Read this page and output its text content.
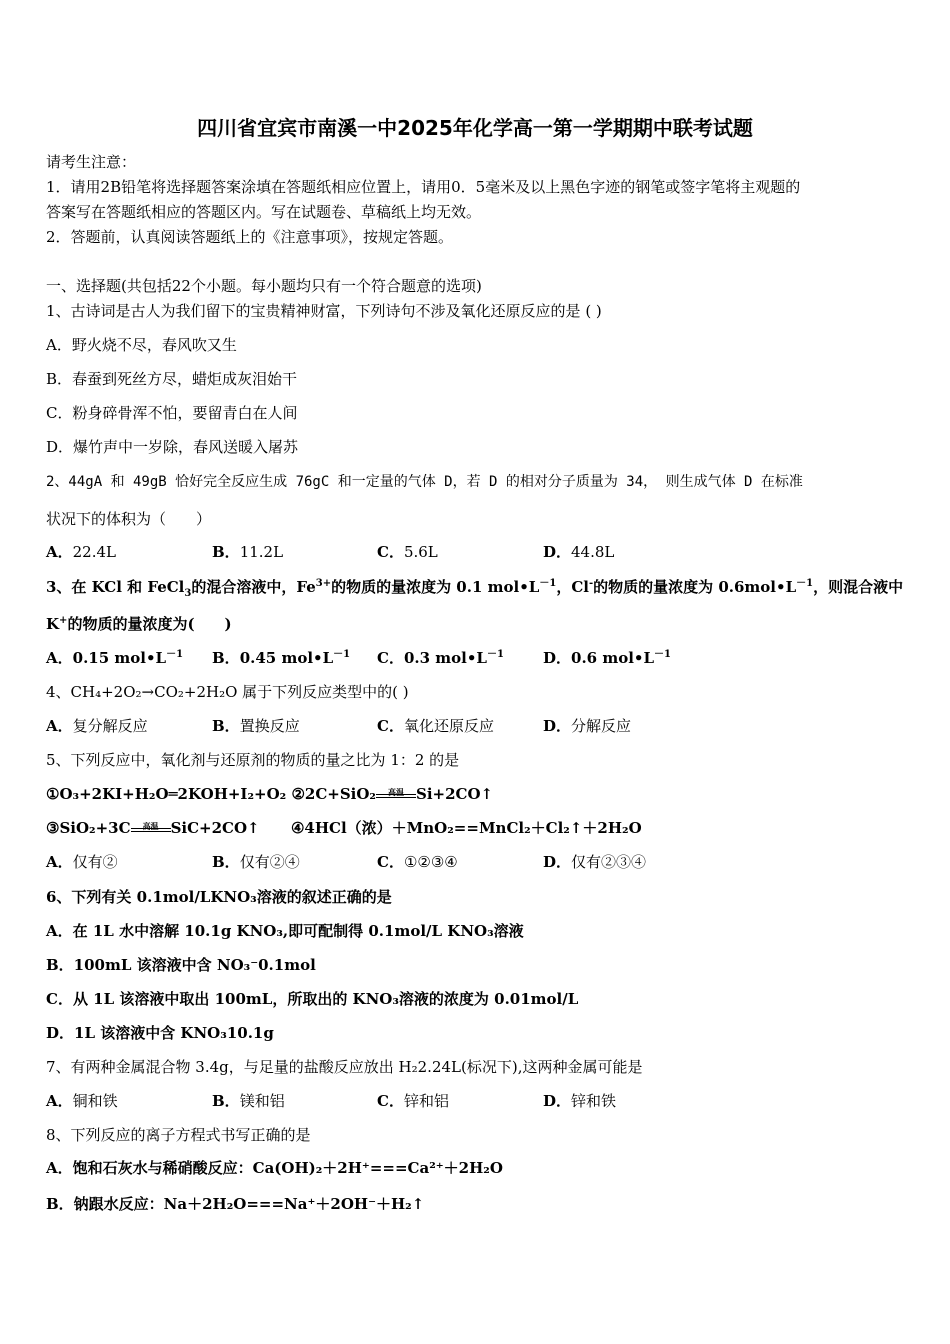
四川省宜宾市南溪一中2025年化学高一第一学期期中联考试题
请考生注意：
1．请用2B铅笔将选择题答案涂填在答题纸相应位置上，请用0．5毫米及以上黑色字迹的钢笔或签字笔将主观题的
答案写在答题纸相应的答题区内。写在试题卷、草稿纸上均无效。
2．答题前，认真阅读答题纸上的《注意事项》，按规定答题。
一、选择题(共包括22个小题。每小题均只有一个符合题意的选项)
1、古诗词是古人为我们留下的宝贵精神财富，下列诗句不涉及氧化还原反应的是 ( )
A．野火烧不尽，春风吹又生
B．春蚕到死丝方尽，蜡炬成灰泪始干
C．粉身碎骨浑不怕，要留青白在人间
D．爆竹声中一岁除，春风送暖入屠苏
2、44gA 和 49gB 恰好完全反应生成 76gC 和一定量的气体 D，若 D 的相对分子质量为 34， 则生成气体 D 在标准
状况下的体积为（　　）
A．22.4L	B．11.2L	C．5.6L	D．44.8L
3、在 KCl 和 FeCl$_3$的混合溶液中，$Fe^{3+}$的物质的量浓度为 0.1 $mol•L^{-1}$，Cl-的物质的量浓度为 $0.6mol•L^{-1}$，则混合液中
K+的物质的量浓度为(　　)
A．0.15 $mol•L^{-1}$ B．0.45 $mol•L^{-1}$ C．0.3 $mol•L^{-1}$	D．0.6 $mol•L^{-1}$
4、CH₄+2O₂→CO₂+2H₂O 属于下列反应类型中的( )
A．复分解反应	B．置换反应	C．氧化还原反应	D．分解反应
5、下列反应中，氧化剂与还原剂的物质的量之比为 1：2 的是
①O₃+2KI+H₂O═2KOH+I₂+O₂ ②2C+SiO₂	高温 Si+2CO↑
③SiO₂+3C	高温 SiC+2CO↑ ④4HCl（浓）＋MnO₂==MnCl₂＋Cl₂↑＋2H₂O
A．仅有②	B．仅有②④	C．①②③④	D．仅有②③④
6、下列有关 0.1mol/LKNO₃溶液的叙述正确的是
A．在 1L 水中溶解 10.1g KNO₃,即可配制得 0.1mol/L KNO₃溶液
B．100mL 该溶液中含 NO₃⁻0.1mol
C．从 1L 该溶液中取出 100mL，所取出的 KNO₃溶液的浓度为 0.01mol/L
D．1L 该溶液中含 KNO₃10.1g
7、有两种金属混合物 3.4g，与足量的盐酸反应放出 H₂2.24L(标况下),这两种金属可能是
A．铜和铁	B．镁和铝	C．锌和铝	D．锌和铁
8、下列反应的离子方程式书写正确的是
A．饱和石灰水与稀硝酸反应：Ca(OH)₂＋2H⁺===Ca²⁺＋2H₂O
B．钠跟水反应：Na＋2H₂O===Na⁺＋2OH⁻＋H₂↑
